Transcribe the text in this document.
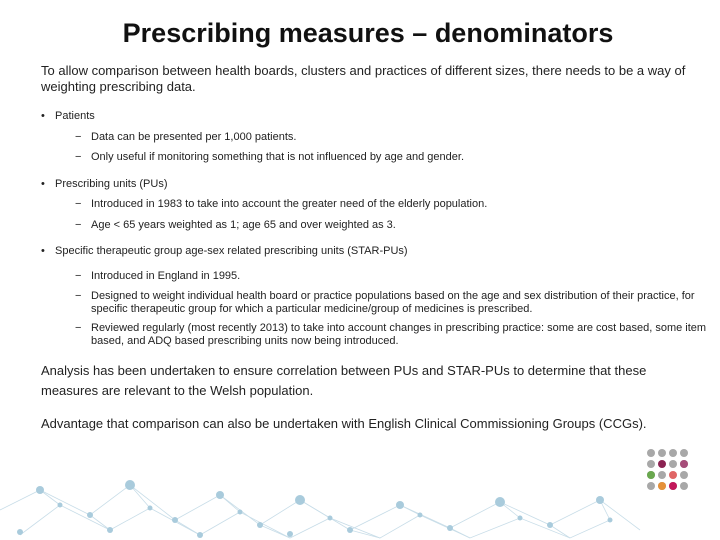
Prescribing measures – denominators
To allow comparison between health boards, clusters and practices of different sizes, there needs to be a way of weighting prescribing data.
• Patients
− Data can be presented per 1,000 patients.
− Only useful if monitoring something that is not influenced by age and gender.
• Prescribing units (PUs)
− Introduced in 1983 to take into account the greater need of the elderly population.
− Age < 65 years weighted as 1; age 65 and over weighted as 3.
• Specific therapeutic group age-sex related prescribing units (STAR-PUs)
− Introduced in England in 1995.
− Designed to weight individual health board or practice populations based on the age and sex distribution of their practice, for specific therapeutic group for which a particular medicine/group of medicines is prescribed.
− Reviewed regularly (most recently 2013) to take into account changes in prescribing practice: some are cost based, some item based, and ADQ based prescribing units now being introduced.
Analysis has been undertaken to ensure correlation between PUs and STAR-PUs to determine that these measures are relevant to the Welsh population.
Advantage that comparison can also be undertaken with English Clinical Commissioning Groups (CCGs).
